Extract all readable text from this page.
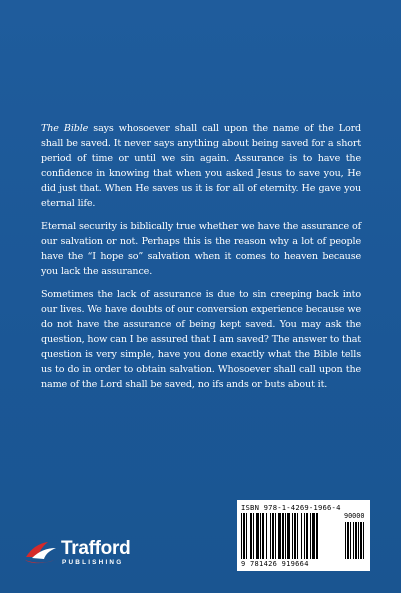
The Bible says whosoever shall call upon the name of the Lord shall be saved. It never says anything about being saved for a short period of time or until we sin again. Assurance is to have the confidence in knowing that when you asked Jesus to save you, He did just that. When He saves us it is for all of eternity. He gave you eternal life.

Eternal security is biblically true whether we have the assurance of our salvation or not. Perhaps this is the reason why a lot of people have the “I hope so” salvation when it comes to heaven because you lack the assurance.

Sometimes the lack of assurance is due to sin creeping back into our lives. We have doubts of our conversion experience because we do not have the assurance of being kept saved. You may ask the question, how can I be assured that I am saved? The answer to that question is very simple, have you done exactly what the Bible tells us to do in order to obtain salvation. Whosoever shall call upon the name of the Lord shall be saved, no ifs ands or buts about it.

ISBN 978-1-4269-1966-4
90000
9 781426 919664
Trafford
PUBLISHING
